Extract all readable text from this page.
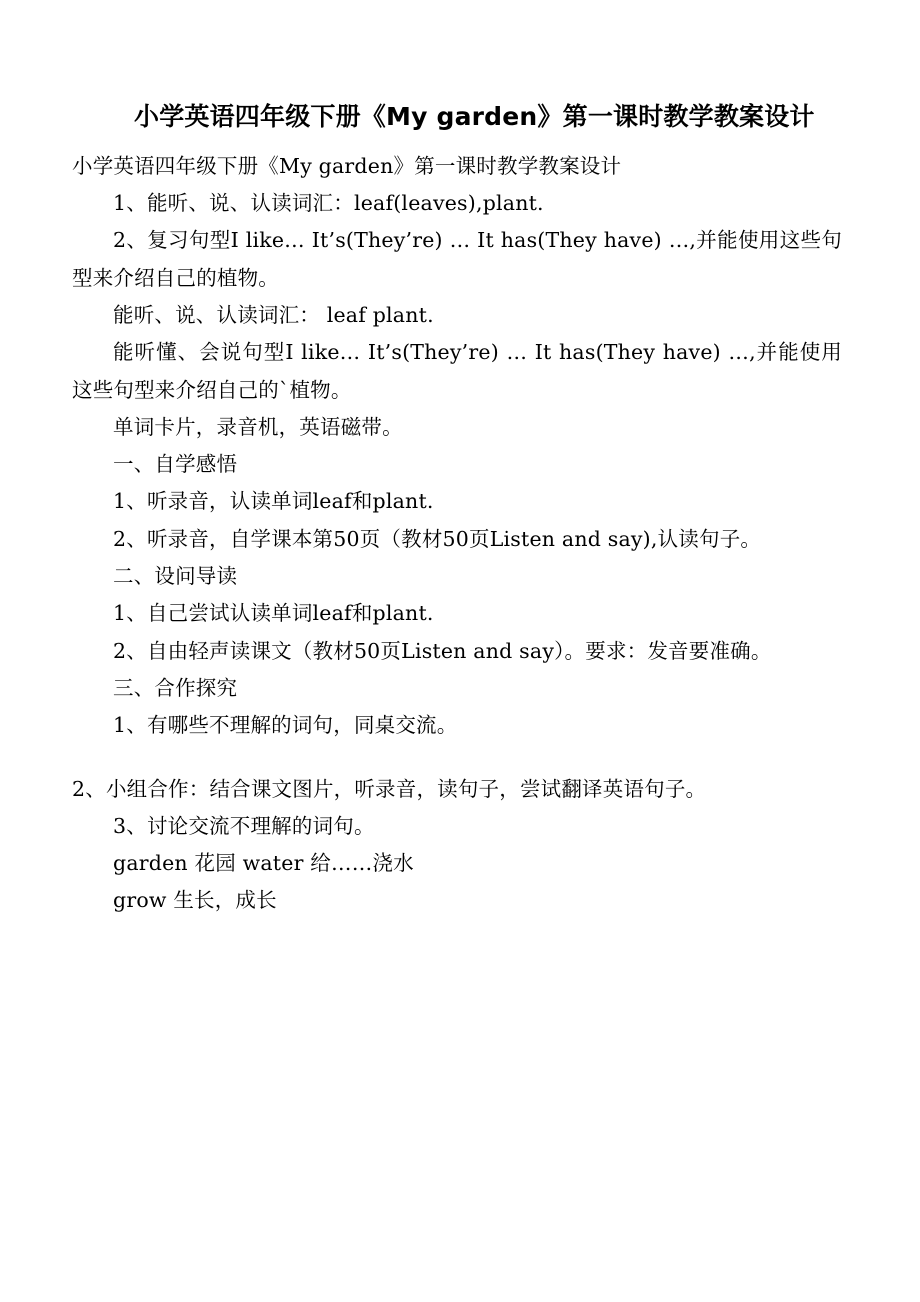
小学英语四年级下册《My garden》第一课时教学教案设计

小学英语四年级下册《My garden》第一课时教学教案设计

1、能听、说、认读词汇：leaf(leaves),plant.

2、复习句型I like… It’s(They’re) … It has(They have) …,并能使用这些句型来介绍自己的植物。

能听、说、认读词汇： leaf plant.

能听懂、会说句型I like… It’s(They’re) … It has(They have) …,并能使用这些句型来介绍自己的`植物。

单词卡片，录音机，英语磁带。

一、自学感悟

1、听录音，认读单词leaf和plant.

2、听录音，自学课本第50页（教材50页Listen and say),认读句子。

二、设问导读

1、自己尝试认读单词leaf和plant.

2、自由轻声读课文（教材50页Listen and say）。要求：发音要准确。

三、合作探究

1、有哪些不理解的词句，同桌交流。

2、小组合作：结合课文图片，听录音，读句子，尝试翻译英语句子。

3、讨论交流不理解的词句。

garden 花园 water 给……浇水

grow 生长，成长
